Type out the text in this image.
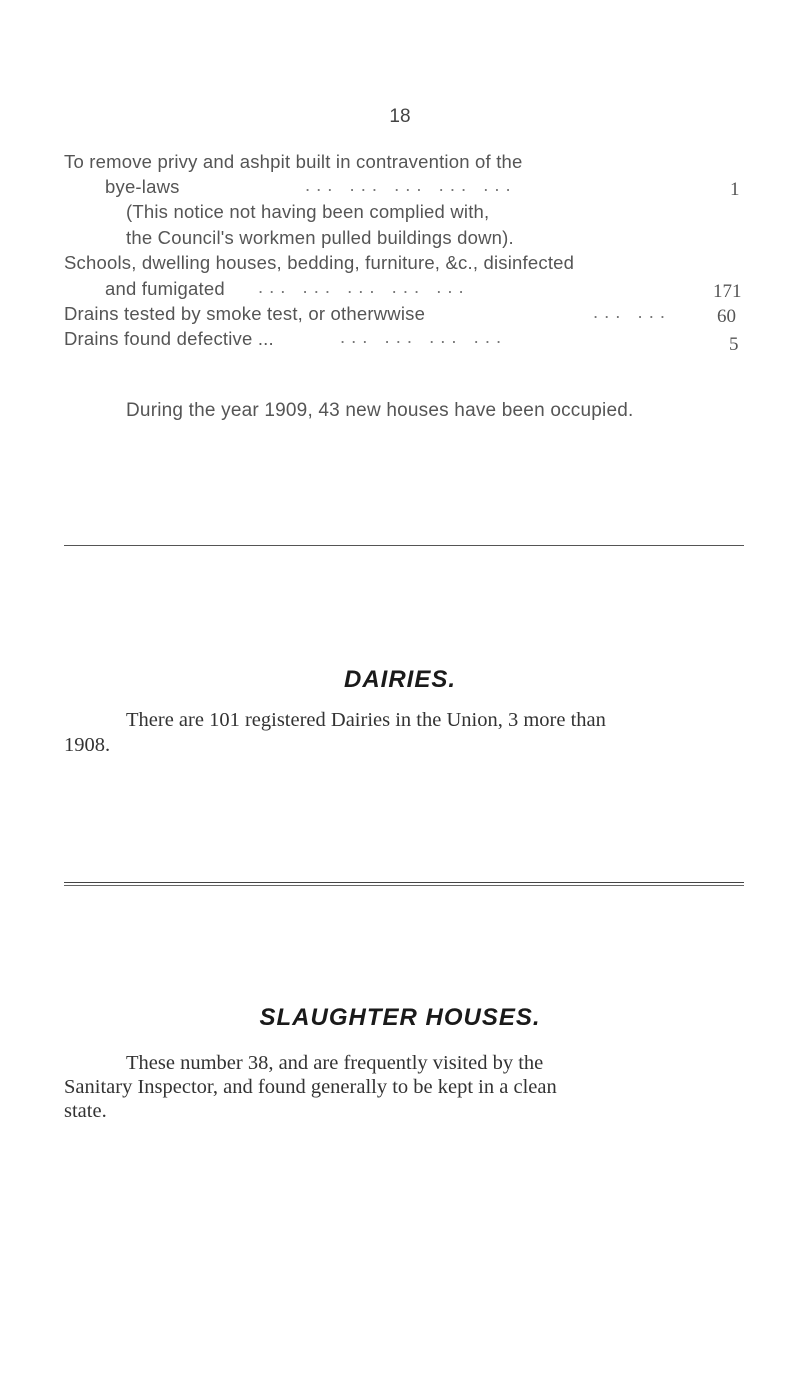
18
To remove privy and ashpit built in contravention of the
bye-laws	... ... ... ... ...	1
(This notice not having been complied with,
the Council's workmen pulled buildings down).
Schools, dwelling houses, bedding, furniture, &c., disinfected
and fumigated ... ... ... ... ...	171
Drains tested by smoke test, or otherwwise	... ... 60
Drains found defective ...	... ... ... ...	5
During the year 1909, 43 new houses have been occupied.
DAIRIES.
There are 101 registered Dairies in the Union, 3 more than
1908.
SLAUGHTER HOUSES.
These number 38, and are frequently visited by the
Sanitary Inspector, and found generally to be kept in a clean
state.
